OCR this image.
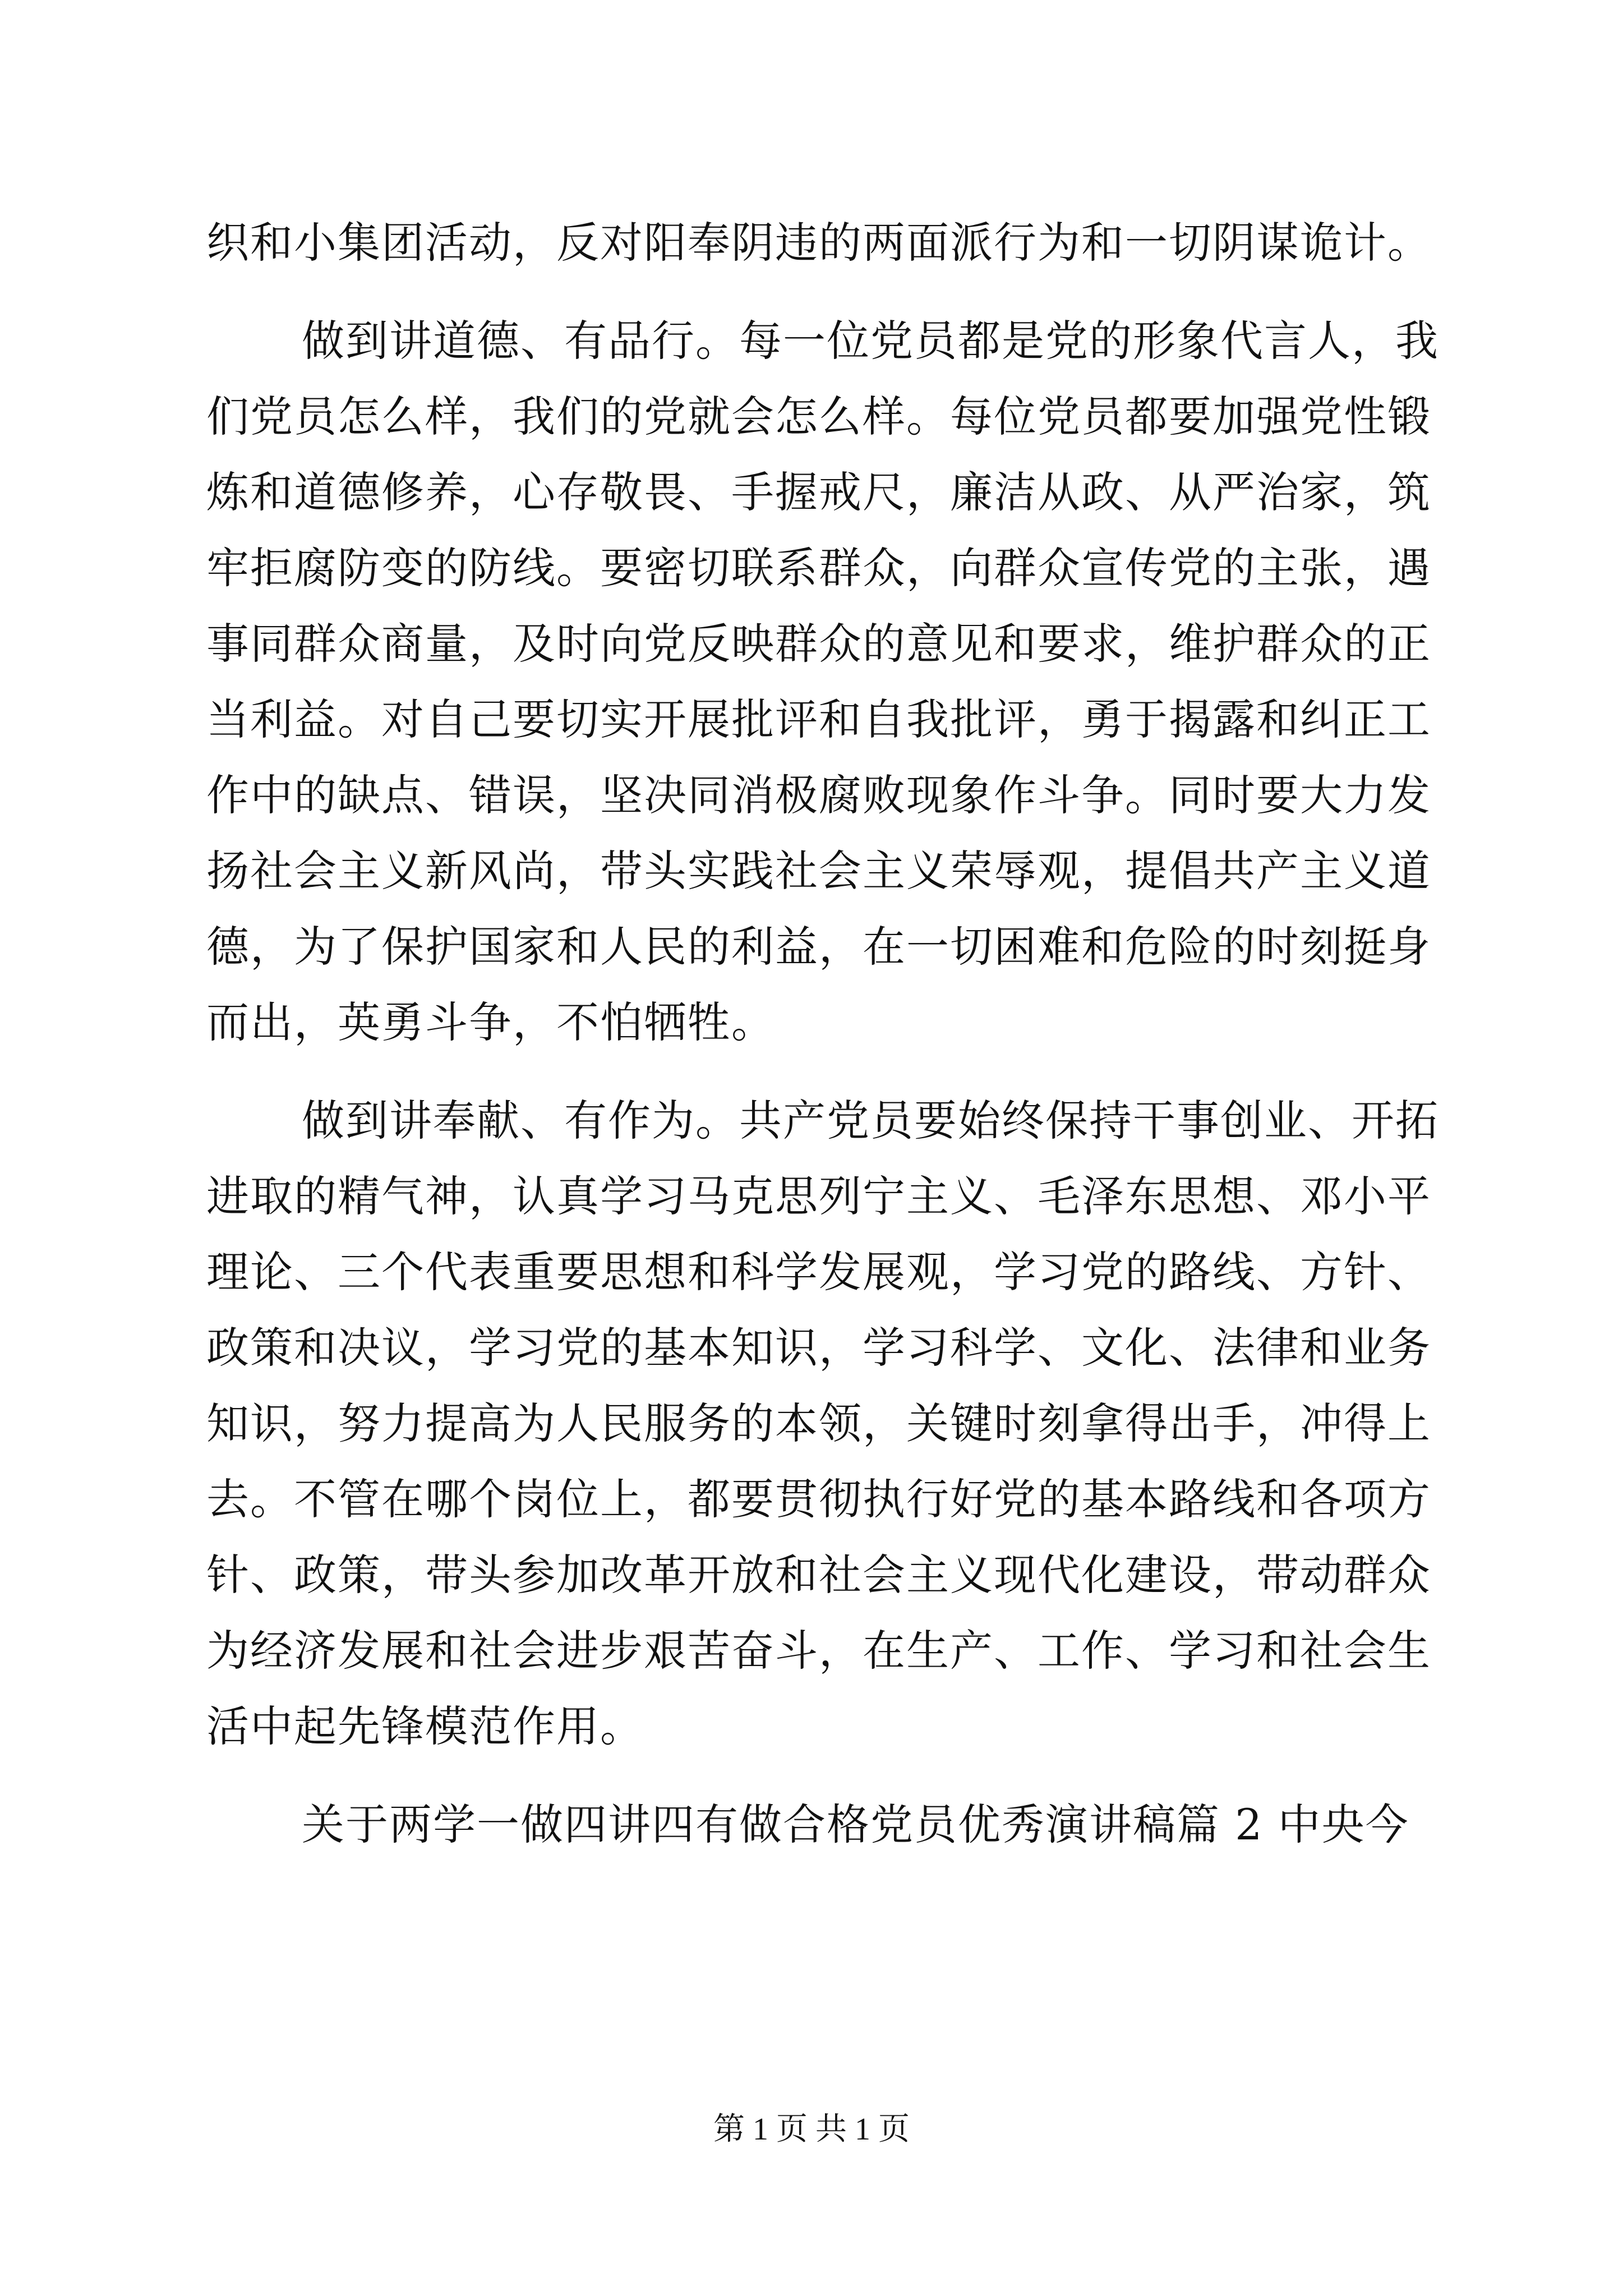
织和小集团活动，反对阳奉阴违的两面派行为和一切阴谋诡计。
做到讲道德、有品行。每一位党员都是党的形象代言人，我
们党员怎么样，我们的党就会怎么样。每位党员都要加强党性锻
炼和道德修养，心存敬畏、手握戒尺，廉洁从政、从严治家，筑
牢拒腐防变的防线。要密切联系群众，向群众宣传党的主张，遇
事同群众商量，及时向党反映群众的意见和要求，维护群众的正
当利益。对自己要切实开展批评和自我批评，勇于揭露和纠正工
作中的缺点、错误，坚决同消极腐败现象作斗争。同时要大力发
扬社会主义新风尚，带头实践社会主义荣辱观，提倡共产主义道
德，为了保护国家和人民的利益，在一切困难和危险的时刻挺身
而出，英勇斗争，不怕牺牲。
做到讲奉献、有作为。共产党员要始终保持干事创业、开拓
进取的精气神，认真学习马克思列宁主义、毛泽东思想、邓小平
理论、三个代表重要思想和科学发展观，学习党的路线、方针、
政策和决议，学习党的基本知识，学习科学、文化、法律和业务
知识，努力提高为人民服务的本领，关键时刻拿得出手，冲得上
去。不管在哪个岗位上，都要贯彻执行好党的基本路线和各项方
针、政策，带头参加改革开放和社会主义现代化建设，带动群众
为经济发展和社会进步艰苦奋斗，在生产、工作、学习和社会生
活中起先锋模范作用。
关于两学一做四讲四有做合格党员优秀演讲稿篇 2 中央今
第 1 页 共 1 页
